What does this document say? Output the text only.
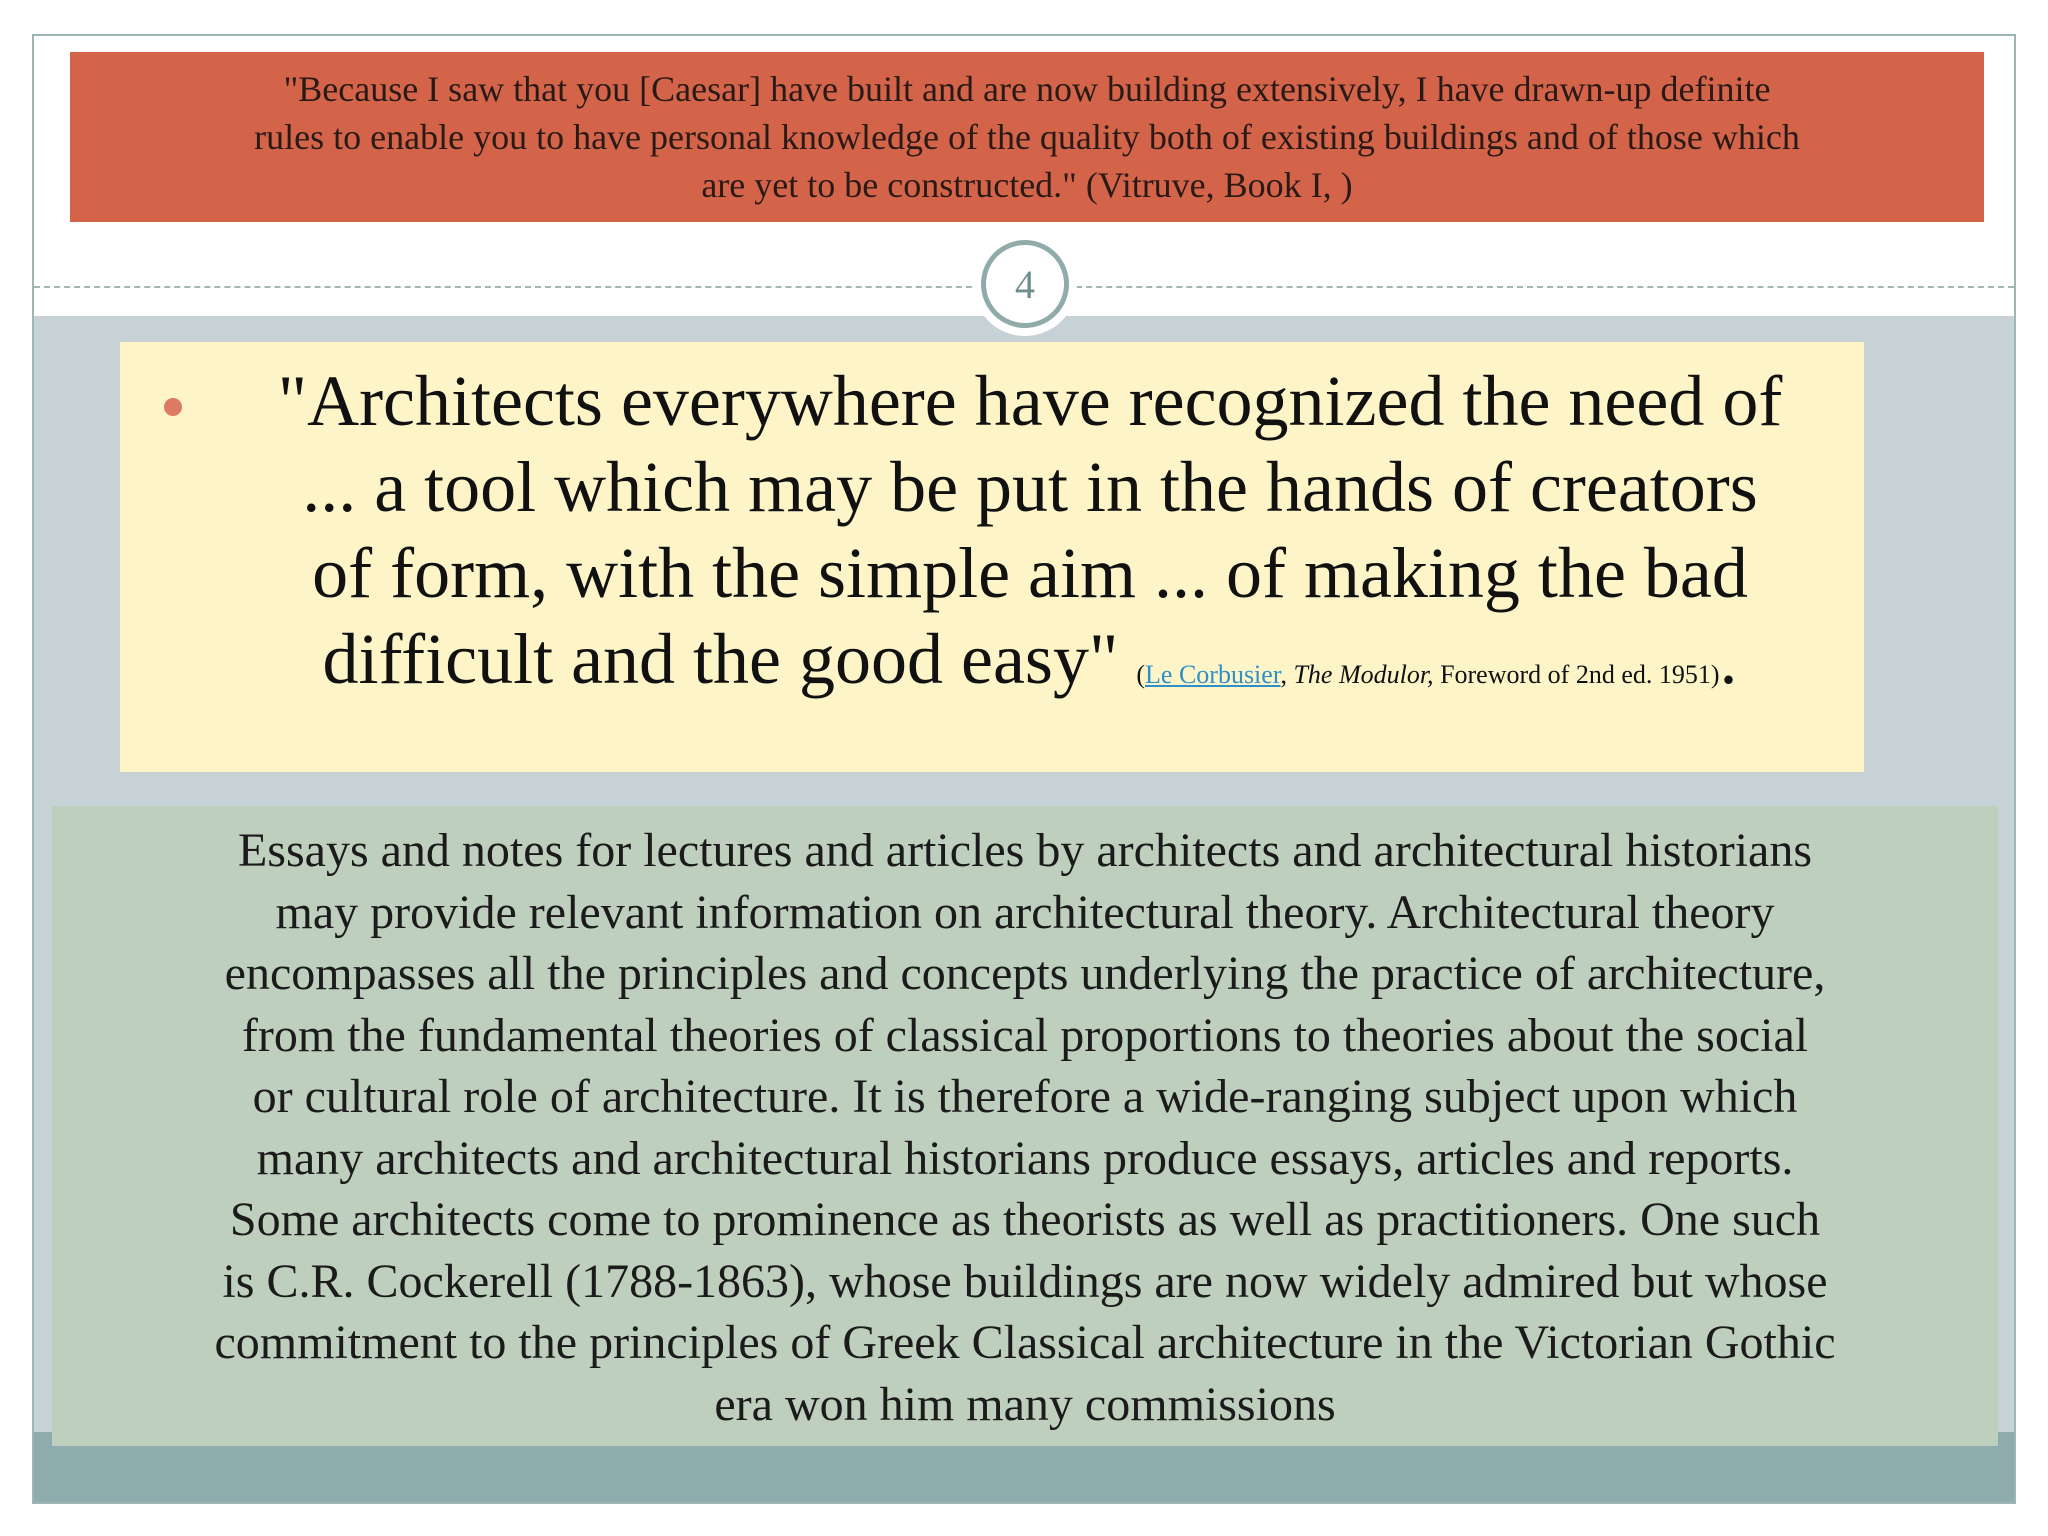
"Because I saw that you [Caesar] have built and are now building extensively, I have drawn-up definite
rules to enable you to have personal knowledge of the quality both of existing buildings and of those which
are yet to be constructed." (Vitruve, Book I, )
4
"Architects everywhere have recognized the need of
... a tool which may be put in the hands of creators
of form, with the simple aim ... of making the bad
difficult and the good easy" (Le Corbusier, The Modulor, Foreword of 2nd ed. 1951).
Essays and notes for lectures and articles by architects and architectural historians
may provide relevant information on architectural theory. Architectural theory
encompasses all the principles and concepts underlying the practice of architecture,
from the fundamental theories of classical proportions to theories about the social
or cultural role of architecture. It is therefore a wide-ranging subject upon which
many architects and architectural historians produce essays, articles and reports.
Some architects come to prominence as theorists as well as practitioners. One such
is C.R. Cockerell (1788-1863), whose buildings are now widely admired but whose
commitment to the principles of Greek Classical architecture in the Victorian Gothic
era won him many commissions
